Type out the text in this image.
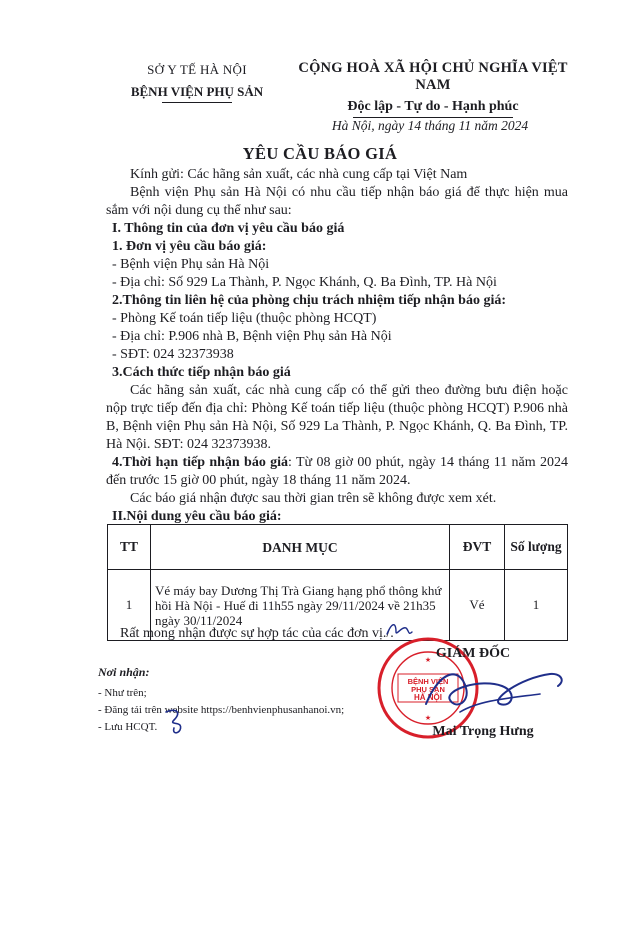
SỞ Y TẾ HÀ NỘI
BỆNH VIỆN PHỤ SẢN
CỘNG HOÀ XÃ HỘI CHỦ NGHĨA VIỆT NAM
Độc lập - Tự do - Hạnh phúc
Hà Nội, ngày 14 tháng 11 năm 2024
YÊU CẦU BÁO GIÁ

Kính gửi: Các hãng sản xuất, các nhà cung cấp tại Việt Nam

Bệnh viện Phụ sản Hà Nội có nhu cầu tiếp nhận báo giá để thực hiện mua sắm với nội dung cụ thể như sau:

I. Thông tin của đơn vị yêu cầu báo giá

1. Đơn vị yêu cầu báo giá:

- Bệnh viện Phụ sản Hà Nội

- Địa chỉ: Số 929 La Thành, P. Ngọc Khánh, Q. Ba Đình, TP. Hà Nội

2.Thông tin liên hệ của phòng chịu trách nhiệm tiếp nhận báo giá:

- Phòng Kế toán tiếp liệu (thuộc phòng HCQT)

- Địa chỉ: P.906 nhà B, Bệnh viện Phụ sản Hà Nội

- SĐT: 024 32373938

3.Cách thức tiếp nhận báo giá

Các hãng sản xuất, các nhà cung cấp có thể gửi theo đường bưu điện hoặc nộp trực tiếp đến địa chỉ: Phòng Kế toán tiếp liệu (thuộc phòng HCQT) P.906 nhà B, Bệnh viện Phụ sản Hà Nội, Số 929 La Thành, P. Ngọc Khánh, Q. Ba Đình, TP. Hà Nội. SĐT: 024 32373938.

4.Thời hạn tiếp nhận báo giá: Từ 08 giờ 00 phút, ngày 14 tháng 11 năm 2024 đến trước 15 giờ 00 phút, ngày 18 tháng 11 năm 2024.

Các báo giá nhận được sau thời gian trên sẽ không được xem xét.

II.Nội dung yêu cầu báo giá:

TT	DANH MỤC	ĐVT	Số lượng
1	Vé máy bay Dương Thị Trà Giang hạng phổ thông khứ hồi Hà Nội - Huế đi 11h55 ngày 29/11/2024 về 21h35 ngày 30/11/2024	Vé	1
Rất mong nhận được sự hợp tác của các đơn vị./.
Nơi nhận:
- Như trên;
- Đăng tải trên website https://benhvienphusanhanoi.vn;
- Lưu HCQT.
★
★
BỆNH VIỆN
PHỤ SẢN
HÀ NỘI
GIÁM ĐỐC
Mai Trọng Hưng
